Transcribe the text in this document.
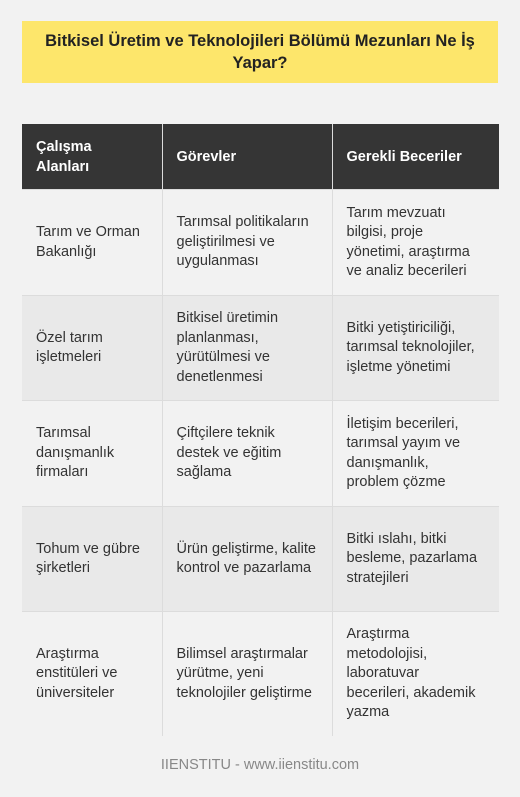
Bitkisel Üretim ve Teknolojileri Bölümü Mezunları Ne İş Yapar?

Çalışma Alanları	Görevler	Gerekli Beceriler
Tarım ve Orman Bakanlığı	Tarımsal politikaların geliştirilmesi ve uygulanması	Tarım mevzuatı bilgisi, proje yönetimi, araştırma ve analiz becerileri
Özel tarım işletmeleri	Bitkisel üretimin planlanması, yürütülmesi ve denetlenmesi	Bitki yetiştiriciliği, tarımsal teknolojiler, işletme yönetimi
Tarımsal danışmanlık firmaları	Çiftçilere teknik destek ve eğitim sağlama	İletişim becerileri, tarımsal yayım ve danışmanlık, problem çözme
Tohum ve gübre şirketleri	Ürün geliştirme, kalite kontrol ve pazarlama	Bitki ıslahı, bitki besleme, pazarlama stratejileri
Araştırma enstitüleri ve üniversiteler	Bilimsel araştırmalar yürütme, yeni teknolojiler geliştirme	Araştırma metodolojisi, laboratuvar becerileri, akademik yazma
IIENSTITU - www.iienstitu.com
